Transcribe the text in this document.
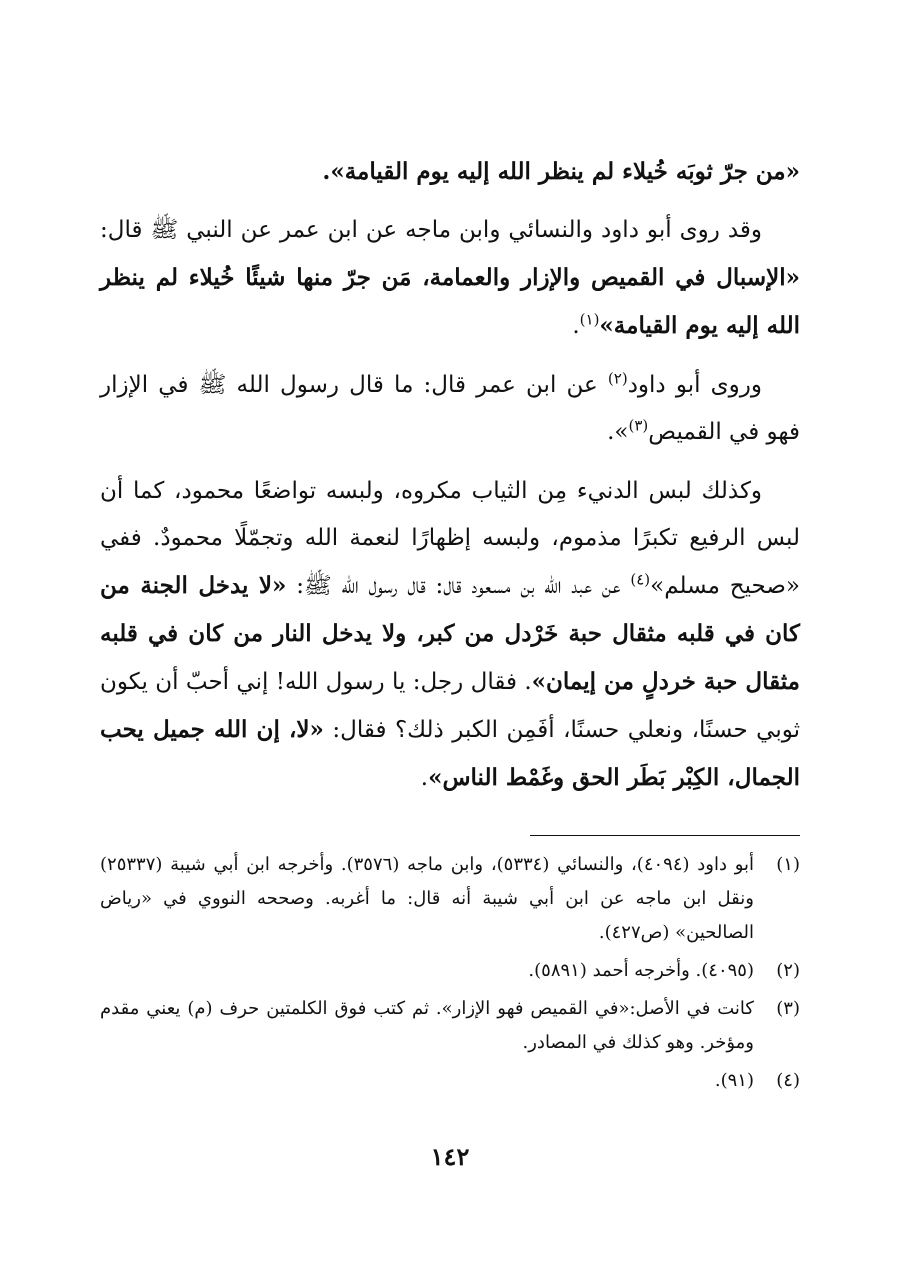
«من جرّ ثوبَه خُيلاء لم ينظر الله إليه يوم القيامة».

وقد روى أبو داود والنسائي وابن ماجه عن ابن عمر عن النبي ﷺ قال: «الإسبال في القميص والإزار والعمامة، مَن جرّ منها شيئًا خُيلاء لم ينظر الله إليه يوم القيامة»$^{(١)}$.

وروى أبو داود$^{(٢)}$ عن ابن عمر قال: ما قال رسول الله ﷺ في الإزار فهو في القميص$^{(٣)}$».

وكذلك لبس الدنيء مِن الثياب مكروه، ولبسه تواضعًا محمود، كما أن لبس الرفيع تكبرًا مذموم، ولبسه إظهارًا لنعمة الله وتجمّلًا محمودٌ. ففي «صحيح مسلم»$^{(٤)}$ عن عبد الله بن مسعود قال: قال رسول الله ﷺ: «لا يدخل الجنة من كان في قلبه مثقال حبة خَرْدل من كبر، ولا يدخل النار من كان في قلبه مثقال حبة خردلٍ من إيمان». فقال رجل: يا رسول الله! إني أحبّ أن يكون ثوبي حسنًا، ونعلي حسنًا، أفَمِن الكبر ذلك؟ فقال: «لا، إن الله جميل يحب الجمال، الكِبْر بَطَر الحق وغَمْط الناس».

(١)
أبو داود (٤٠٩٤)، والنسائي (٥٣٣٤)، وابن ماجه (٣٥٧٦). وأخرجه ابن أبي شيبة (٢٥٣٣٧) ونقل ابن ماجه عن ابن أبي شيبة أنه قال: ما أغربه. وصححه النووي في «رياض الصالحين» (ص٤٢٧).
(٢)
(٤٠٩٥). وأخرجه أحمد (٥٨٩١).
(٣)
كانت في الأصل:«في القميص فهو الإزار». ثم كتب فوق الكلمتين حرف (م) يعني مقدم ومؤخر. وهو كذلك في المصادر.
(٤)
(٩١).
١٤٢
